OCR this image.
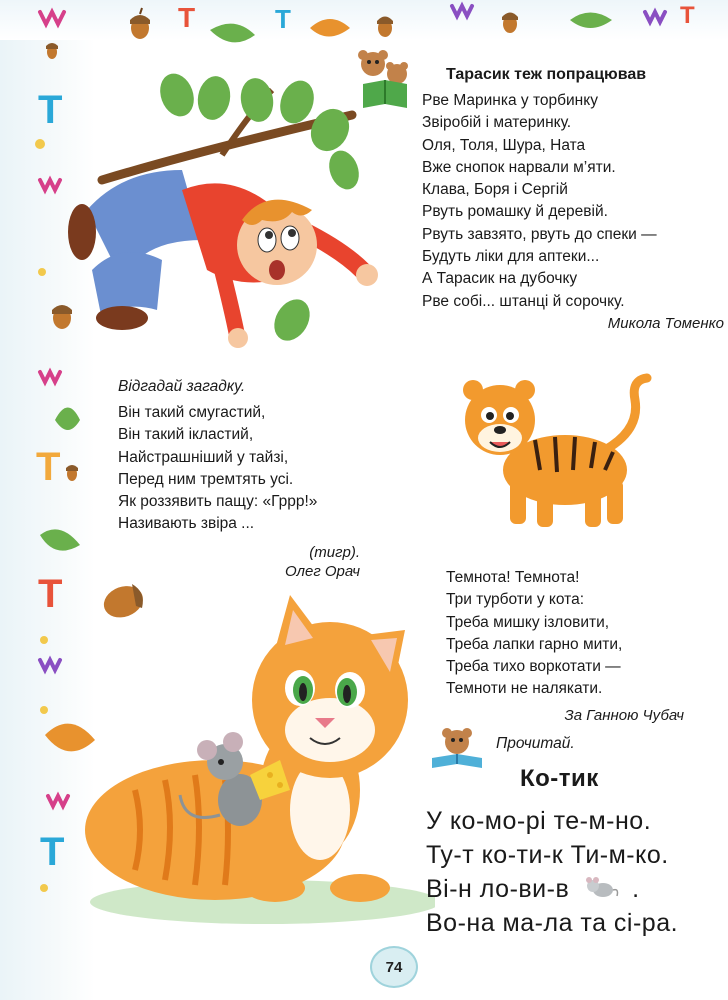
Т	Т	Т
Т
Т
Т
Т
Тарасик теж попрацював
Рве Маринка у торбинку
Звіробій і материнку.
Оля, Толя, Шура, Ната
Вже снопок нарвали м’яти.
Клава, Боря і Сергій
Рвуть ромашку й деревій.
Рвуть завзято, рвуть до спеки —
Будуть ліки для аптеки...
А Тарасик на дубочку
Рве собі... штанці й сорочку.
Микола Томенко
Відгадай загадку.
Він такий смугастий,
Він такий ікластий,
Найстрашніший у тайзі,
Перед ним тремтять усі.
Як роззявить пащу: «Гррр!»
Називають звіра ...
(тигр).
Олег Орач	Темнота! Темнота!
Три турботи у кота:
Треба мишку ізловити,
Треба лапки гарно мити,
Треба тихо воркотати —
Темноти не налякати.
За Ганною Чубач
Прочитай.
Ко-тик
У ко-мо-рі те-м-но.
Ту-т ко-ти-к Ти-м-ко.
Ві-н ло-ви-в	.
Во-на ма-ла та сі-ра.
74
